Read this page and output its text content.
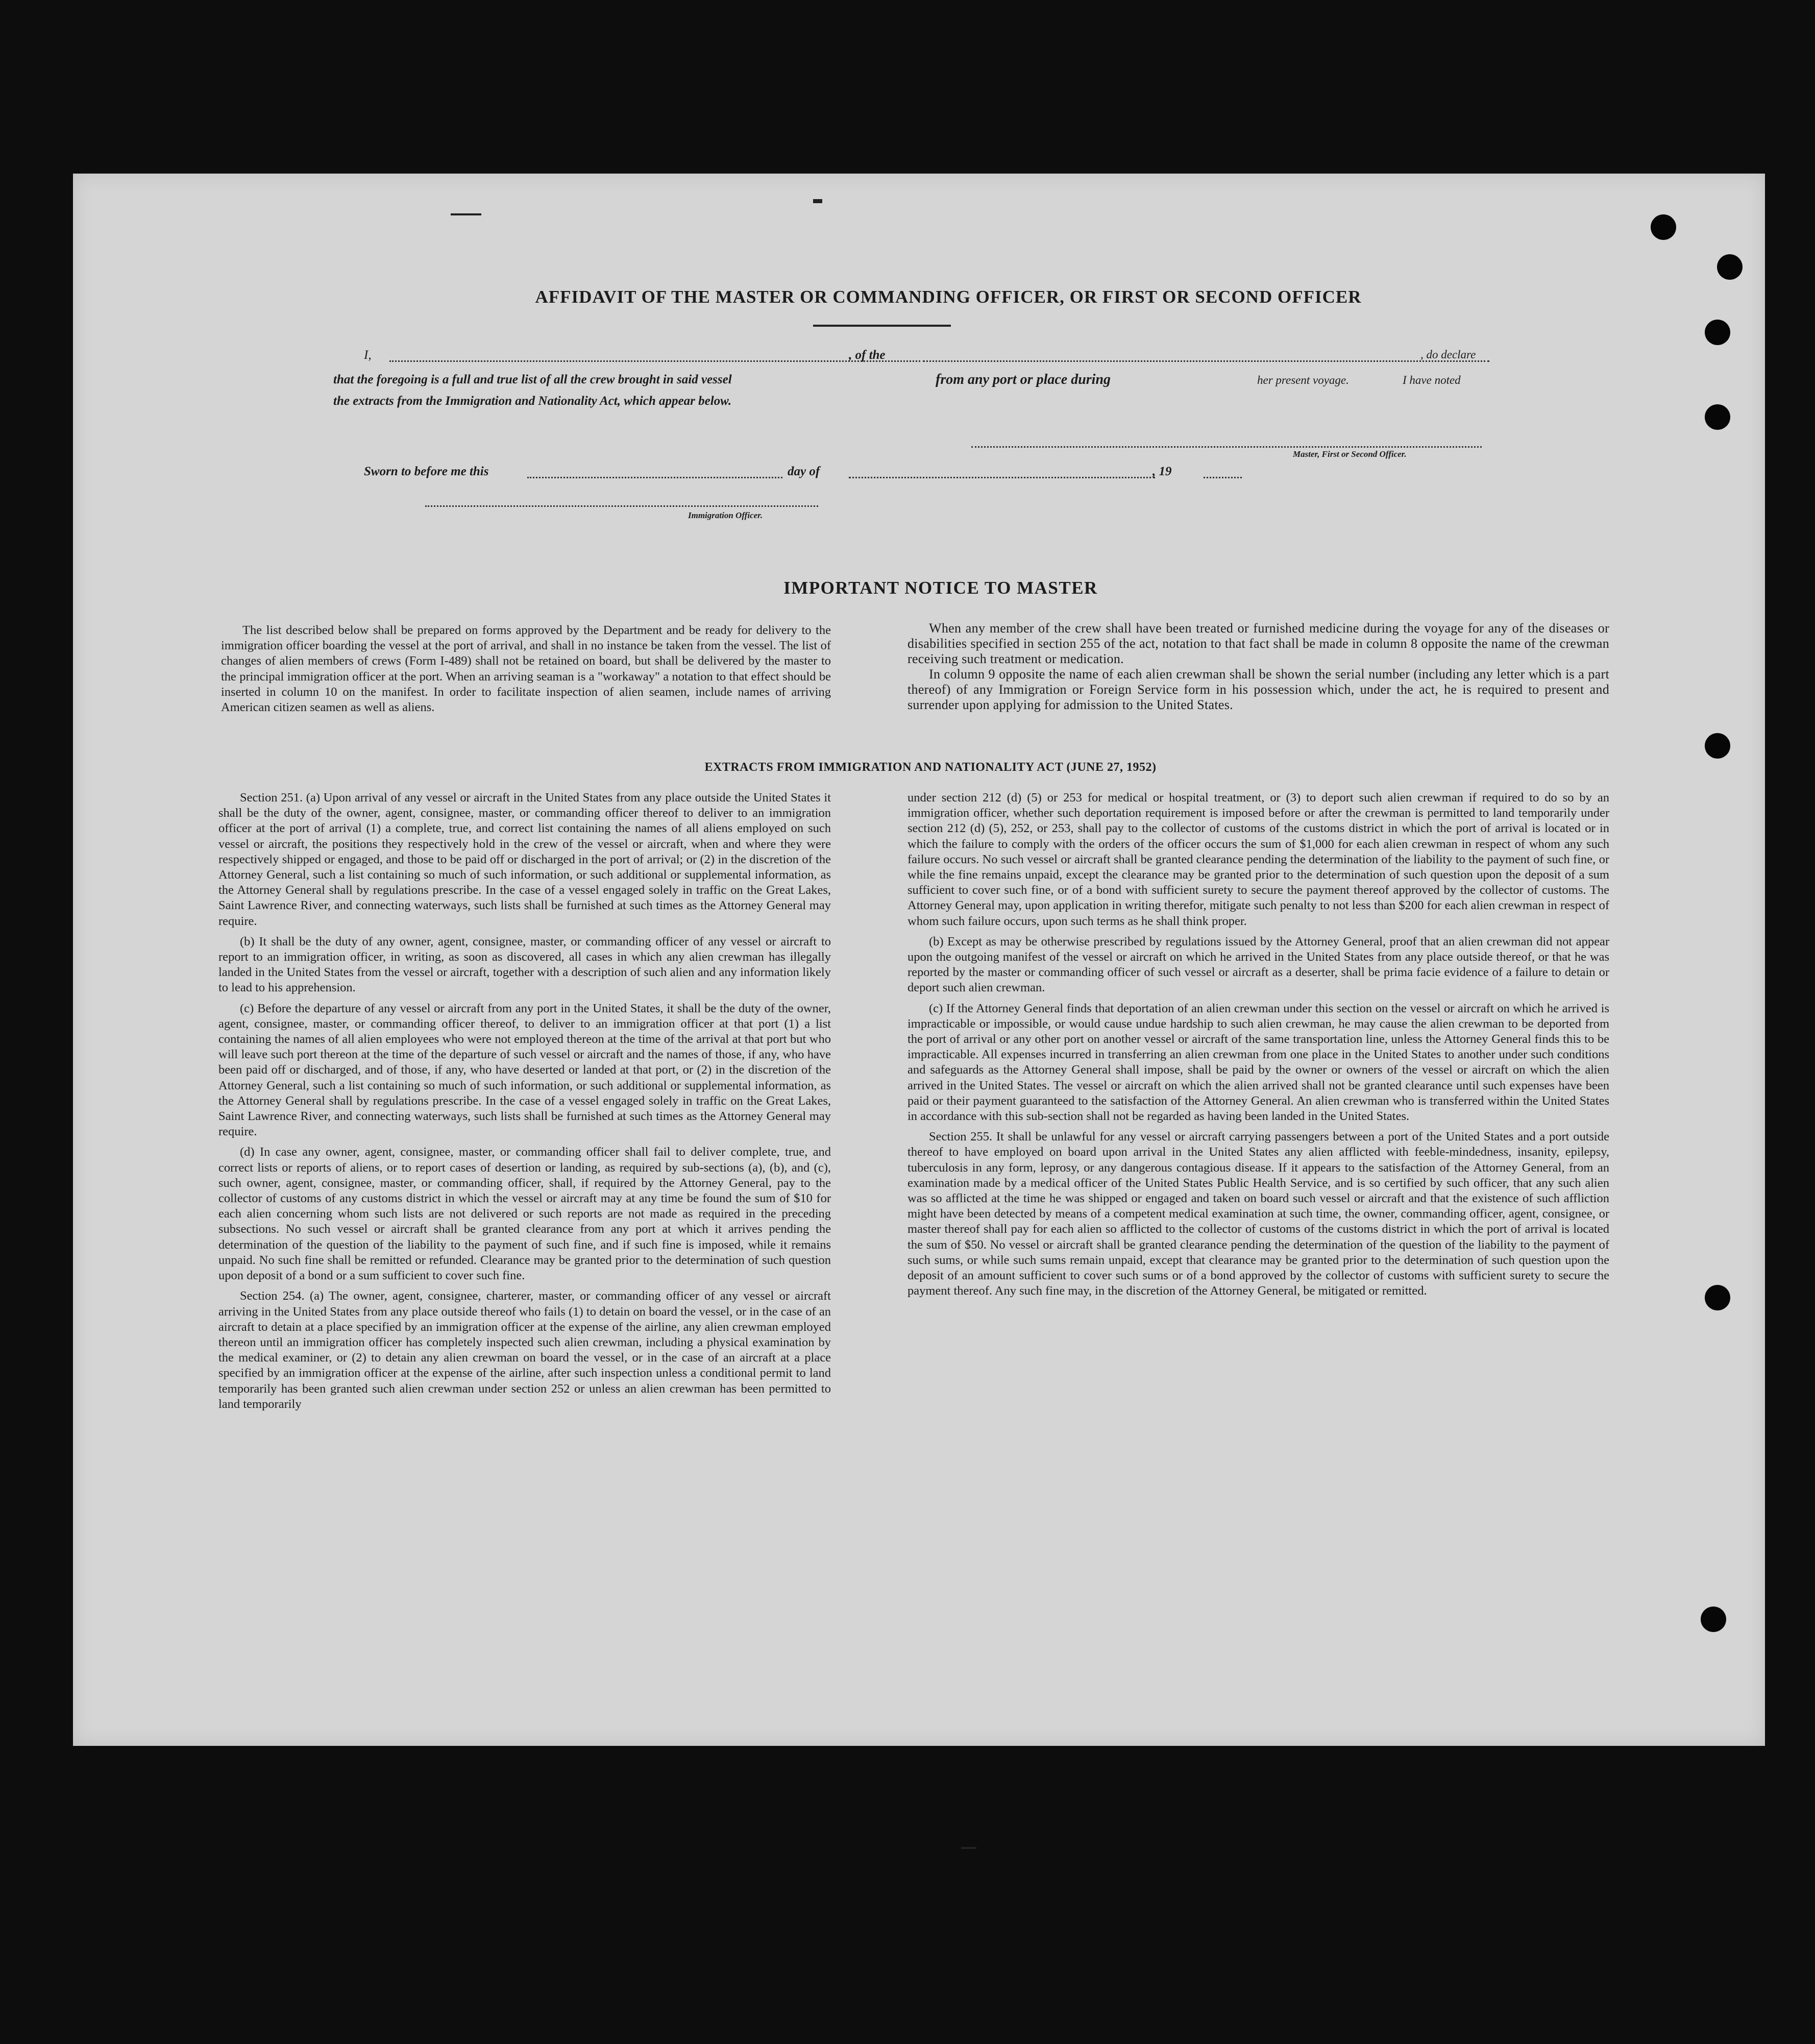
AFFIDAVIT OF THE MASTER OR COMMANDING OFFICER, OR FIRST OR SECOND OFFICER
I,	, of the	, do declare
that the foregoing is a full and true list of all the crew brought in said vessel	from any port or place during	her present voyage.	I have noted
the extracts from the Immigration and Nationality Act, which appear below.
Master, First or Second Officer.
Sworn to before me this	day of	, 19
Immigration Officer.
IMPORTANT NOTICE TO MASTER

The list described below shall be prepared on forms approved by the Department and be ready for delivery to the immigration officer boarding the vessel at the port of arrival, and shall in no instance be taken from the vessel. The list of changes of alien members of crews (Form I-489) shall not be retained on board, but shall be delivered by the master to the principal immigration officer at the port. When an arriving seaman is a "workaway" a notation to that effect should be inserted in column 10 on the manifest. In order to facilitate inspection of alien seamen, include names of arriving American citizen seamen as well as aliens.

When any member of the crew shall have been treated or furnished medicine during the voyage for any of the diseases or disabilities specified in section 255 of the act, notation to that fact shall be made in column 8 opposite the name of the crewman receiving such treatment or medication.

In column 9 opposite the name of each alien crewman shall be shown the serial number (including any letter which is a part thereof) of any Immigration or Foreign Service form in his possession which, under the act, he is required to present and surrender upon applying for admission to the United States.

EXTRACTS FROM IMMIGRATION AND NATIONALITY ACT (JUNE 27, 1952)

Section 251. (a) Upon arrival of any vessel or aircraft in the United States from any place outside the United States it shall be the duty of the owner, agent, consignee, master, or commanding officer thereof to deliver to an immigration officer at the port of arrival (1) a complete, true, and correct list containing the names of all aliens employed on such vessel or aircraft, the positions they respectively hold in the crew of the vessel or aircraft, when and where they were respectively shipped or engaged, and those to be paid off or discharged in the port of arrival; or (2) in the discretion of the Attorney General, such a list containing so much of such information, or such additional or supplemental information, as the Attorney General shall by regulations prescribe. In the case of a vessel engaged solely in traffic on the Great Lakes, Saint Lawrence River, and connecting waterways, such lists shall be furnished at such times as the Attorney General may require.

(b) It shall be the duty of any owner, agent, consignee, master, or commanding officer of any vessel or aircraft to report to an immigration officer, in writing, as soon as discovered, all cases in which any alien crewman has illegally landed in the United States from the vessel or aircraft, together with a description of such alien and any information likely to lead to his apprehension.

(c) Before the departure of any vessel or aircraft from any port in the United States, it shall be the duty of the owner, agent, consignee, master, or commanding officer thereof, to deliver to an immigration officer at that port (1) a list containing the names of all alien employees who were not employed thereon at the time of the arrival at that port but who will leave such port thereon at the time of the departure of such vessel or aircraft and the names of those, if any, who have been paid off or discharged, and of those, if any, who have deserted or landed at that port, or (2) in the discretion of the Attorney General, such a list containing so much of such information, or such additional or supplemental information, as the Attorney General shall by regulations prescribe. In the case of a vessel engaged solely in traffic on the Great Lakes, Saint Lawrence River, and connecting waterways, such lists shall be furnished at such times as the Attorney General may require.

(d) In case any owner, agent, consignee, master, or commanding officer shall fail to deliver complete, true, and correct lists or reports of aliens, or to report cases of desertion or landing, as required by sub-sections (a), (b), and (c), such owner, agent, consignee, master, or commanding officer, shall, if required by the Attorney General, pay to the collector of customs of any customs district in which the vessel or aircraft may at any time be found the sum of $10 for each alien concerning whom such lists are not delivered or such reports are not made as required in the preceding subsections. No such vessel or aircraft shall be granted clearance from any port at which it arrives pending the determination of the question of the liability to the payment of such fine, and if such fine is imposed, while it remains unpaid. No such fine shall be remitted or refunded. Clearance may be granted prior to the determination of such question upon deposit of a bond or a sum sufficient to cover such fine.

Section 254. (a) The owner, agent, consignee, charterer, master, or commanding officer of any vessel or aircraft arriving in the United States from any place outside thereof who fails (1) to detain on board the vessel, or in the case of an aircraft to detain at a place specified by an immigration officer at the expense of the airline, any alien crewman employed thereon until an immigration officer has completely inspected such alien crewman, including a physical examination by the medical examiner, or (2) to detain any alien crewman on board the vessel, or in the case of an aircraft at a place specified by an immigration officer at the expense of the airline, after such inspection unless a conditional permit to land temporarily has been granted such alien crewman under section 252 or unless an alien crewman has been permitted to land temporarily

under section 212 (d) (5) or 253 for medical or hospital treatment, or (3) to deport such alien crewman if required to do so by an immigration officer, whether such deportation requirement is imposed before or after the crewman is permitted to land temporarily under section 212 (d) (5), 252, or 253, shall pay to the collector of customs of the customs district in which the port of arrival is located or in which the failure to comply with the orders of the officer occurs the sum of $1,000 for each alien crewman in respect of whom any such failure occurs. No such vessel or aircraft shall be granted clearance pending the determination of the liability to the payment of such fine, or while the fine remains unpaid, except the clearance may be granted prior to the determination of such question upon the deposit of a sum sufficient to cover such fine, or of a bond with sufficient surety to secure the payment thereof approved by the collector of customs. The Attorney General may, upon application in writing therefor, mitigate such penalty to not less than $200 for each alien crewman in respect of whom such failure occurs, upon such terms as he shall think proper.

(b) Except as may be otherwise prescribed by regulations issued by the Attorney General, proof that an alien crewman did not appear upon the outgoing manifest of the vessel or aircraft on which he arrived in the United States from any place outside thereof, or that he was reported by the master or commanding officer of such vessel or aircraft as a deserter, shall be prima facie evidence of a failure to detain or deport such alien crewman.

(c) If the Attorney General finds that deportation of an alien crewman under this section on the vessel or aircraft on which he arrived is impracticable or impossible, or would cause undue hardship to such alien crewman, he may cause the alien crewman to be deported from the port of arrival or any other port on another vessel or aircraft of the same transportation line, unless the Attorney General finds this to be impracticable. All expenses incurred in transferring an alien crewman from one place in the United States to another under such conditions and safeguards as the Attorney General shall impose, shall be paid by the owner or owners of the vessel or aircraft on which the alien arrived in the United States. The vessel or aircraft on which the alien arrived shall not be granted clearance until such expenses have been paid or their payment guaranteed to the satisfaction of the Attorney General. An alien crewman who is transferred within the United States in accordance with this sub-section shall not be regarded as having been landed in the United States.

Section 255. It shall be unlawful for any vessel or aircraft carrying passengers between a port of the United States and a port outside thereof to have employed on board upon arrival in the United States any alien afflicted with feeble-mindedness, insanity, epilepsy, tuberculosis in any form, leprosy, or any dangerous contagious disease. If it appears to the satisfaction of the Attorney General, from an examination made by a medical officer of the United States Public Health Service, and is so certified by such officer, that any such alien was so afflicted at the time he was shipped or engaged and taken on board such vessel or aircraft and that the existence of such affliction might have been detected by means of a competent medical examination at such time, the owner, commanding officer, agent, consignee, or master thereof shall pay for each alien so afflicted to the collector of customs of the customs district in which the port of arrival is located the sum of $50. No vessel or aircraft shall be granted clearance pending the determination of the question of the liability to the payment of such sums, or while such sums remain unpaid, except that clearance may be granted prior to the determination of such question upon the deposit of an amount sufficient to cover such sums or of a bond approved by the collector of customs with sufficient surety to secure the payment thereof. Any such fine may, in the discretion of the Attorney General, be mitigated or remitted.
